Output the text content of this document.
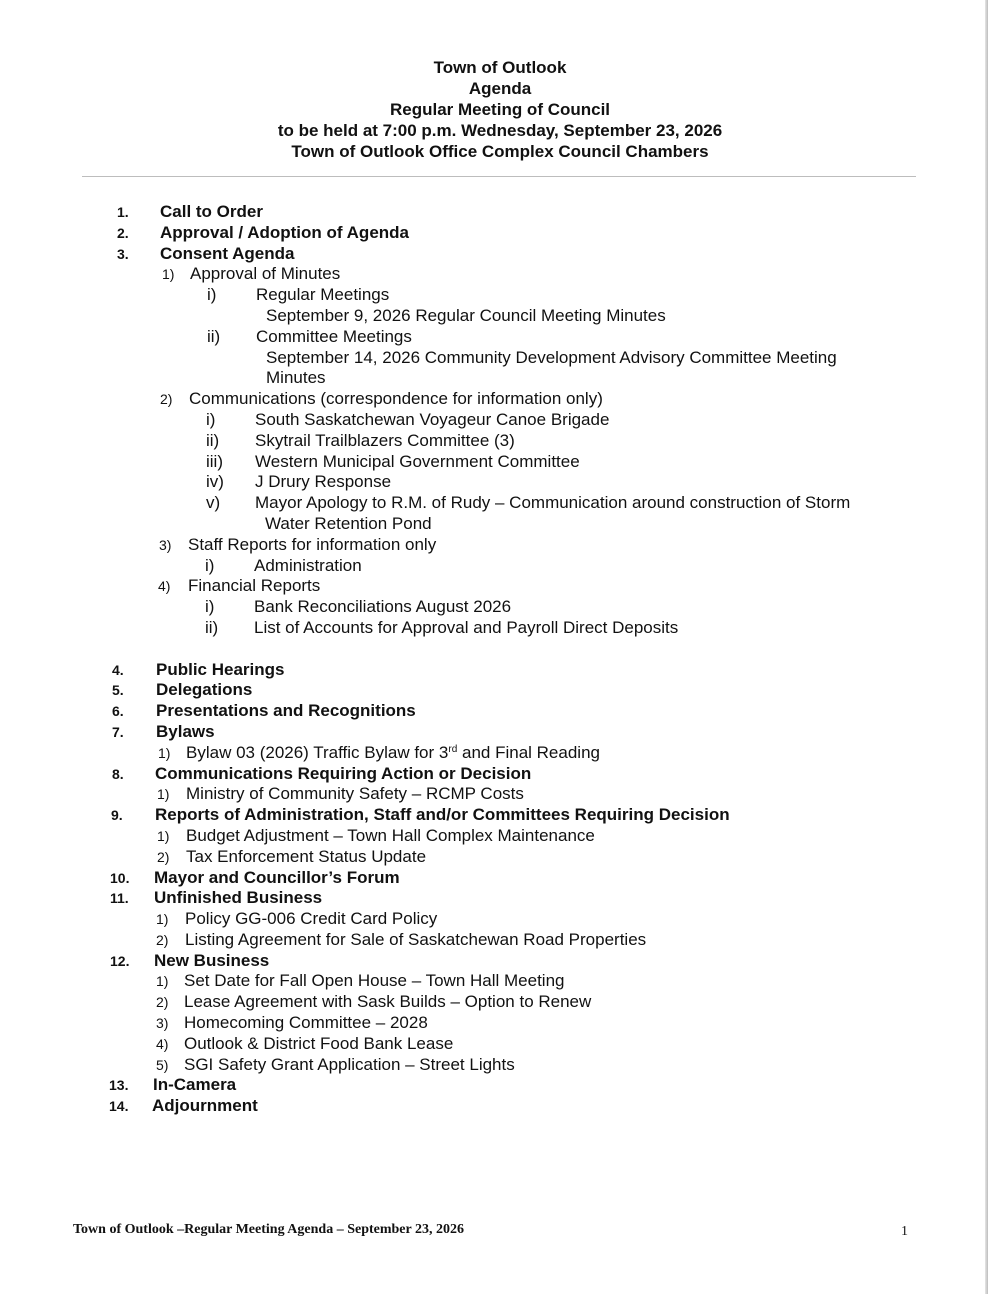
Town of Outlook
Agenda
Regular Meeting of Council
to be held at 7:00 p.m. Wednesday, September 23, 2026
Town of Outlook Office Complex Council Chambers
1. Call to Order
2. Approval / Adoption of Agenda
3. Consent Agenda
1) Approval of Minutes
i) Regular Meetings
September 9, 2026 Regular Council Meeting Minutes
ii) Committee Meetings
September 14, 2026 Community Development Advisory Committee Meeting
Minutes
2) Communications (correspondence for information only)
i) South Saskatchewan Voyageur Canoe Brigade
ii) Skytrail Trailblazers Committee (3)
iii) Western Municipal Government Committee
iv) J Drury Response
v) Mayor Apology to R.M. of Rudy – Communication around construction of Storm
Water Retention Pond
3) Staff Reports for information only
i) Administration
4) Financial Reports
i) Bank Reconciliations August 2026
ii) List of Accounts for Approval and Payroll Direct Deposits
4. Public Hearings
5. Delegations
6. Presentations and Recognitions
7. Bylaws
1) Bylaw 03 (2026) Traffic Bylaw for 3rd and Final Reading
8. Communications Requiring Action or Decision
1) Ministry of Community Safety – RCMP Costs
9. Reports of Administration, Staff and/or Committees Requiring Decision
1) Budget Adjustment – Town Hall Complex Maintenance
2) Tax Enforcement Status Update
10. Mayor and Councillor’s Forum
11. Unfinished Business
1) Policy GG-006 Credit Card Policy
2) Listing Agreement for Sale of Saskatchewan Road Properties
12. New Business
1) Set Date for Fall Open House – Town Hall Meeting
2) Lease Agreement with Sask Builds – Option to Renew
3) Homecoming Committee – 2028
4) Outlook & District Food Bank Lease
5) SGI Safety Grant Application – Street Lights
13. In-Camera
14. Adjournment
Town of Outlook –Regular Meeting Agenda – September 23, 2026	1
